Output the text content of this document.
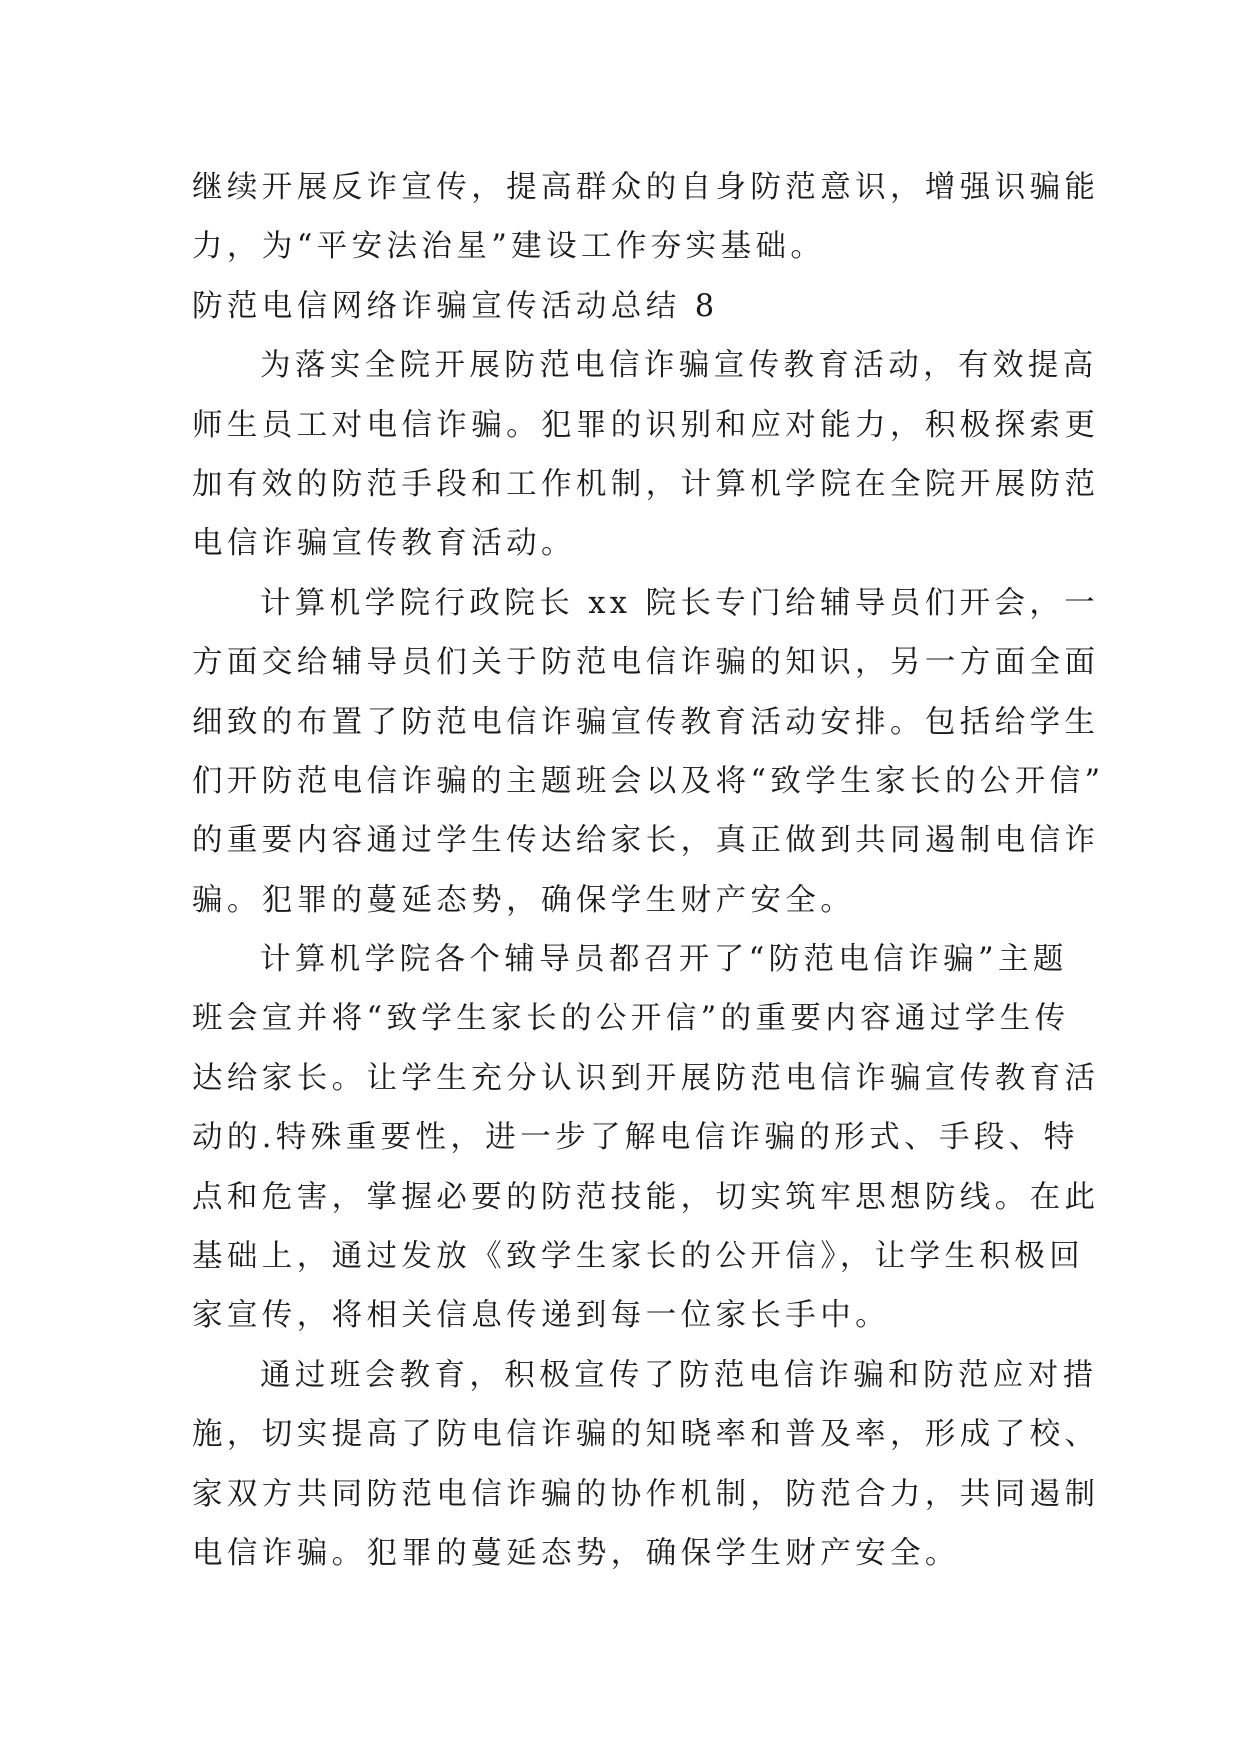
继续开展反诈宣传，提高群众的自身防范意识，增强识骗能
力，为“平安法治星”建设工作夯实基础。
防范电信网络诈骗宣传活动总结 8
为落实全院开展防范电信诈骗宣传教育活动，有效提高
师生员工对电信诈骗。犯罪的识别和应对能力，积极探索更
加有效的防范手段和工作机制，计算机学院在全院开展防范
电信诈骗宣传教育活动。
计算机学院行政院长 xx 院长专门给辅导员们开会，一
方面交给辅导员们关于防范电信诈骗的知识，另一方面全面
细致的布置了防范电信诈骗宣传教育活动安排。包括给学生
们开防范电信诈骗的主题班会以及将“致学生家长的公开信”
的重要内容通过学生传达给家长，真正做到共同遏制电信诈
骗。犯罪的蔓延态势，确保学生财产安全。
计算机学院各个辅导员都召开了“防范电信诈骗”主题
班会宣并将“致学生家长的公开信”的重要内容通过学生传
达给家长。让学生充分认识到开展防范电信诈骗宣传教育活
动的.特殊重要性，进一步了解电信诈骗的形式、手段、特
点和危害，掌握必要的防范技能，切实筑牢思想防线。在此
基础上，通过发放《致学生家长的公开信》，让学生积极回
家宣传，将相关信息传递到每一位家长手中。
通过班会教育，积极宣传了防范电信诈骗和防范应对措
施，切实提高了防电信诈骗的知晓率和普及率，形成了校、
家双方共同防范电信诈骗的协作机制，防范合力，共同遏制
电信诈骗。犯罪的蔓延态势，确保学生财产安全。
